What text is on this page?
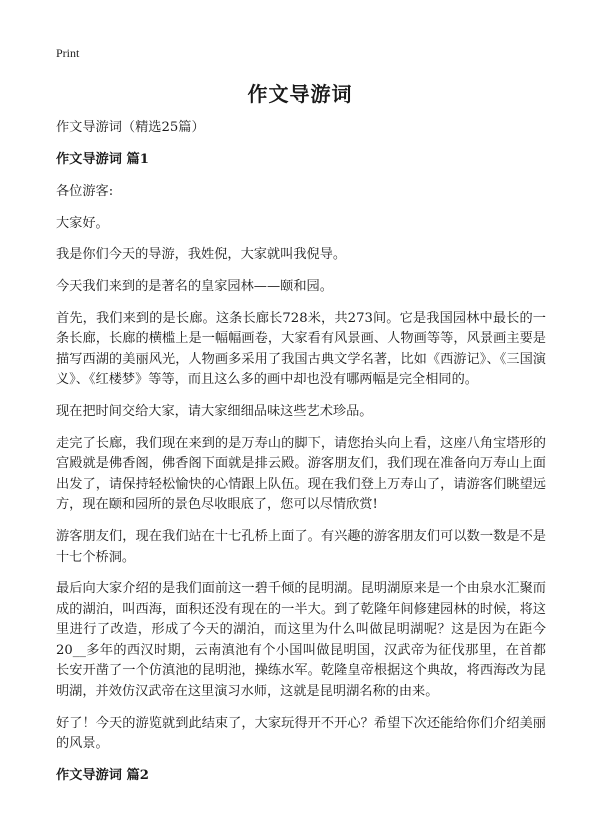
Print
作文导游词

作文导游词（精选25篇）

作文导游词 篇1

各位游客:

大家好。

我是你们今天的导游，我姓倪，大家就叫我倪导。

今天我们来到的是著名的皇家园林——颐和园。

首先，我们来到的是长廊。这条长廊长728米，共273间。它是我国园林中最长的一条长廊，长廊的横槛上是一幅幅画卷，大家看有风景画、人物画等等，风景画主要是描写西湖的美丽风光，人物画多采用了我国古典文学名著，比如《西游记》、《三国演义》、《红楼梦》等等，而且这么多的画中却也没有哪两幅是完全相同的。

现在把时间交给大家，请大家细细品味这些艺术珍品。

走完了长廊，我们现在来到的是万寿山的脚下，请您抬头向上看，这座八角宝塔形的宫殿就是佛香阁，佛香阁下面就是排云殿。游客朋友们，我们现在准备向万寿山上面出发了，请保持轻松愉快的心情跟上队伍。现在我们登上万寿山了，请游客们眺望远方，现在颐和园所的景色尽收眼底了，您可以尽情欣赏!

游客朋友们，现在我们站在十七孔桥上面了。有兴趣的游客朋友们可以数一数是不是十七个桥洞。

最后向大家介绍的是我们面前这一碧千倾的昆明湖。昆明湖原来是一个由泉水汇聚而成的湖泊，叫西海，面积还没有现在的一半大。到了乾隆年间修建园林的时候，将这里进行了改造，形成了今天的湖泊，而这里为什么叫做昆明湖呢？这是因为在距今20__多年的西汉时期，云南滇池有个小国叫做昆明国，汉武帝为征伐那里，在首都长安开凿了一个仿滇池的昆明池，操练水军。乾隆皇帝根据这个典故，将西海改为昆明湖，并效仿汉武帝在这里演习水师，这就是昆明湖名称的由来。

好了！今天的游览就到此结束了，大家玩得开不开心？希望下次还能给你们介绍美丽的风景。

作文导游词 篇2
